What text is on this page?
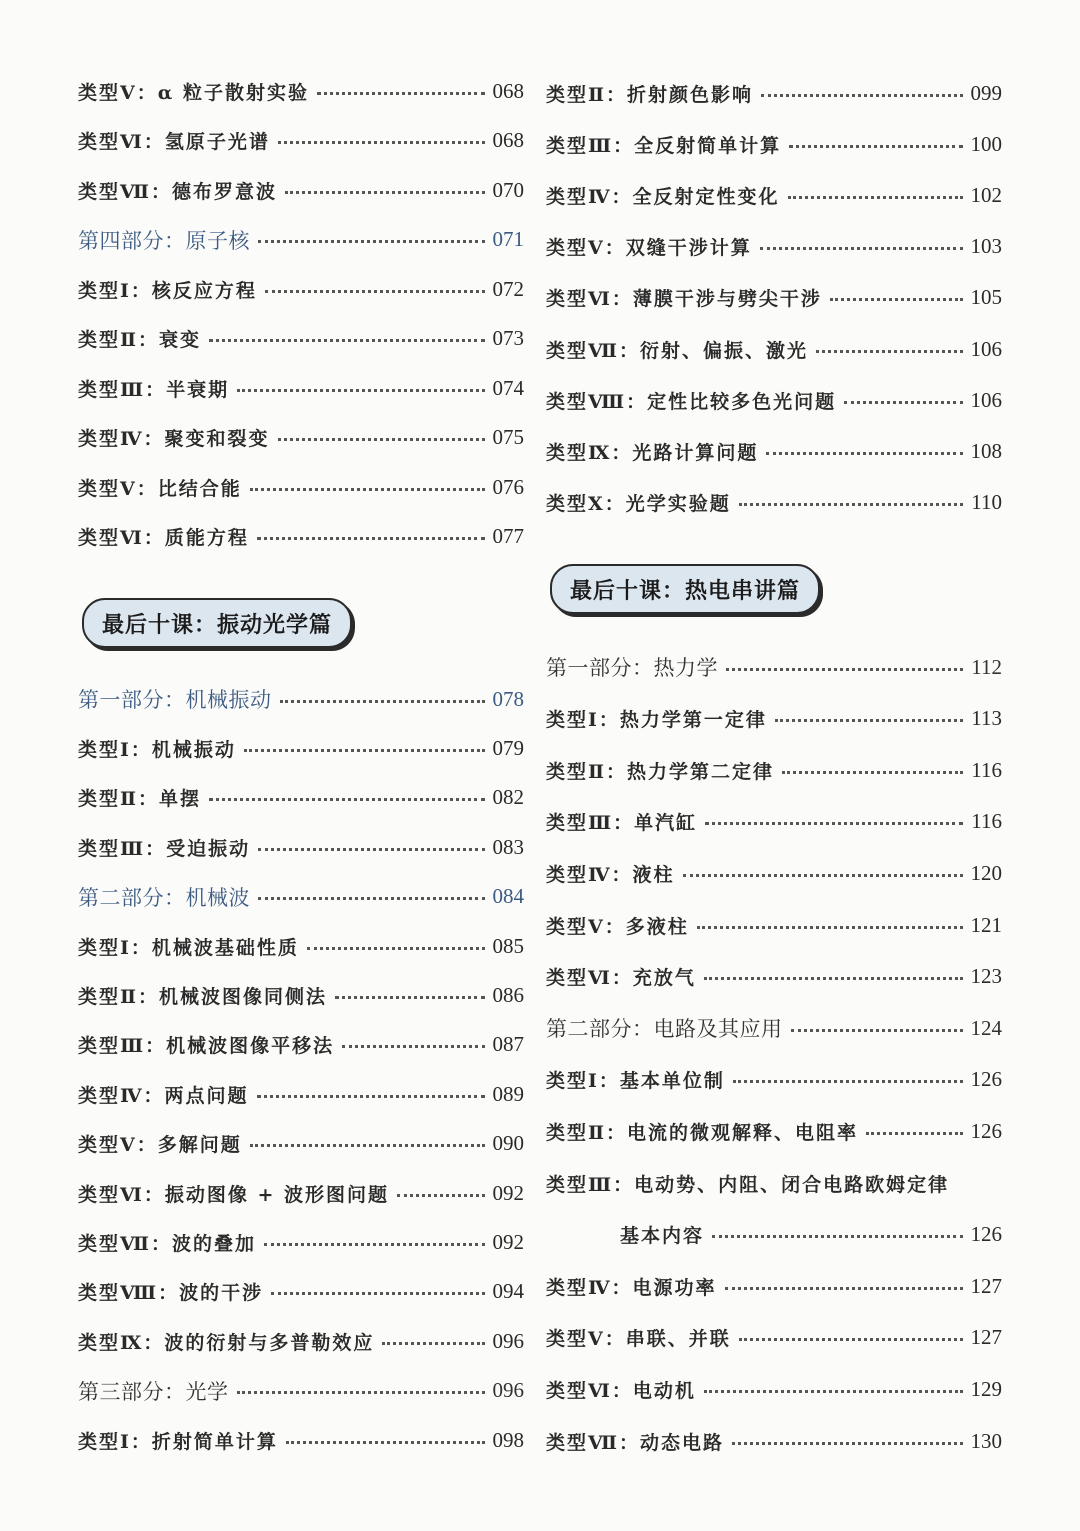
类型Ⅴ：α 粒子散射实验	068
类型Ⅵ：氢原子光谱	068
类型Ⅶ：德布罗意波	070
第四部分：原子核	071
类型Ⅰ：核反应方程	072
类型Ⅱ：衰变	073
类型Ⅲ：半衰期	074
类型Ⅳ：聚变和裂变	075
类型Ⅴ：比结合能	076
类型Ⅵ：质能方程	077
最后十课：振动光学篇
第一部分：机械振动	078
类型Ⅰ：机械振动	079
类型Ⅱ：单摆	082
类型Ⅲ：受迫振动	083
第二部分：机械波	084
类型Ⅰ：机械波基础性质	085
类型Ⅱ：机械波图像同侧法	086
类型Ⅲ：机械波图像平移法	087
类型Ⅳ：两点问题	089
类型Ⅴ：多解问题	090
类型Ⅵ：振动图像 + 波形图问题	092
类型Ⅶ：波的叠加	092
类型Ⅷ：波的干涉	094
类型Ⅸ：波的衍射与多普勒效应	096
第三部分：光学	096
类型Ⅰ：折射简单计算	098
类型Ⅱ：折射颜色影响	099
类型Ⅲ：全反射简单计算	100
类型Ⅳ：全反射定性变化	102
类型Ⅴ：双缝干涉计算	103
类型Ⅵ：薄膜干涉与劈尖干涉	105
类型Ⅶ：衍射、偏振、激光	106
类型Ⅷ：定性比较多色光问题	106
类型Ⅸ：光路计算问题	108
类型Ⅹ：光学实验题	110
最后十课：热电串讲篇
第一部分：热力学	112
类型Ⅰ：热力学第一定律	113
类型Ⅱ：热力学第二定律	116
类型Ⅲ：单汽缸	116
类型Ⅳ：液柱	120
类型Ⅴ：多液柱	121
类型Ⅵ：充放气	123
第二部分：电路及其应用	124
类型Ⅰ：基本单位制	126
类型Ⅱ：电流的微观解释、电阻率	126
类型Ⅲ：电动势、内阻、闭合电路欧姆定律
基本内容	126
类型Ⅳ：电源功率	127
类型Ⅴ：串联、并联	127
类型Ⅵ：电动机	129
类型Ⅶ：动态电路	130
